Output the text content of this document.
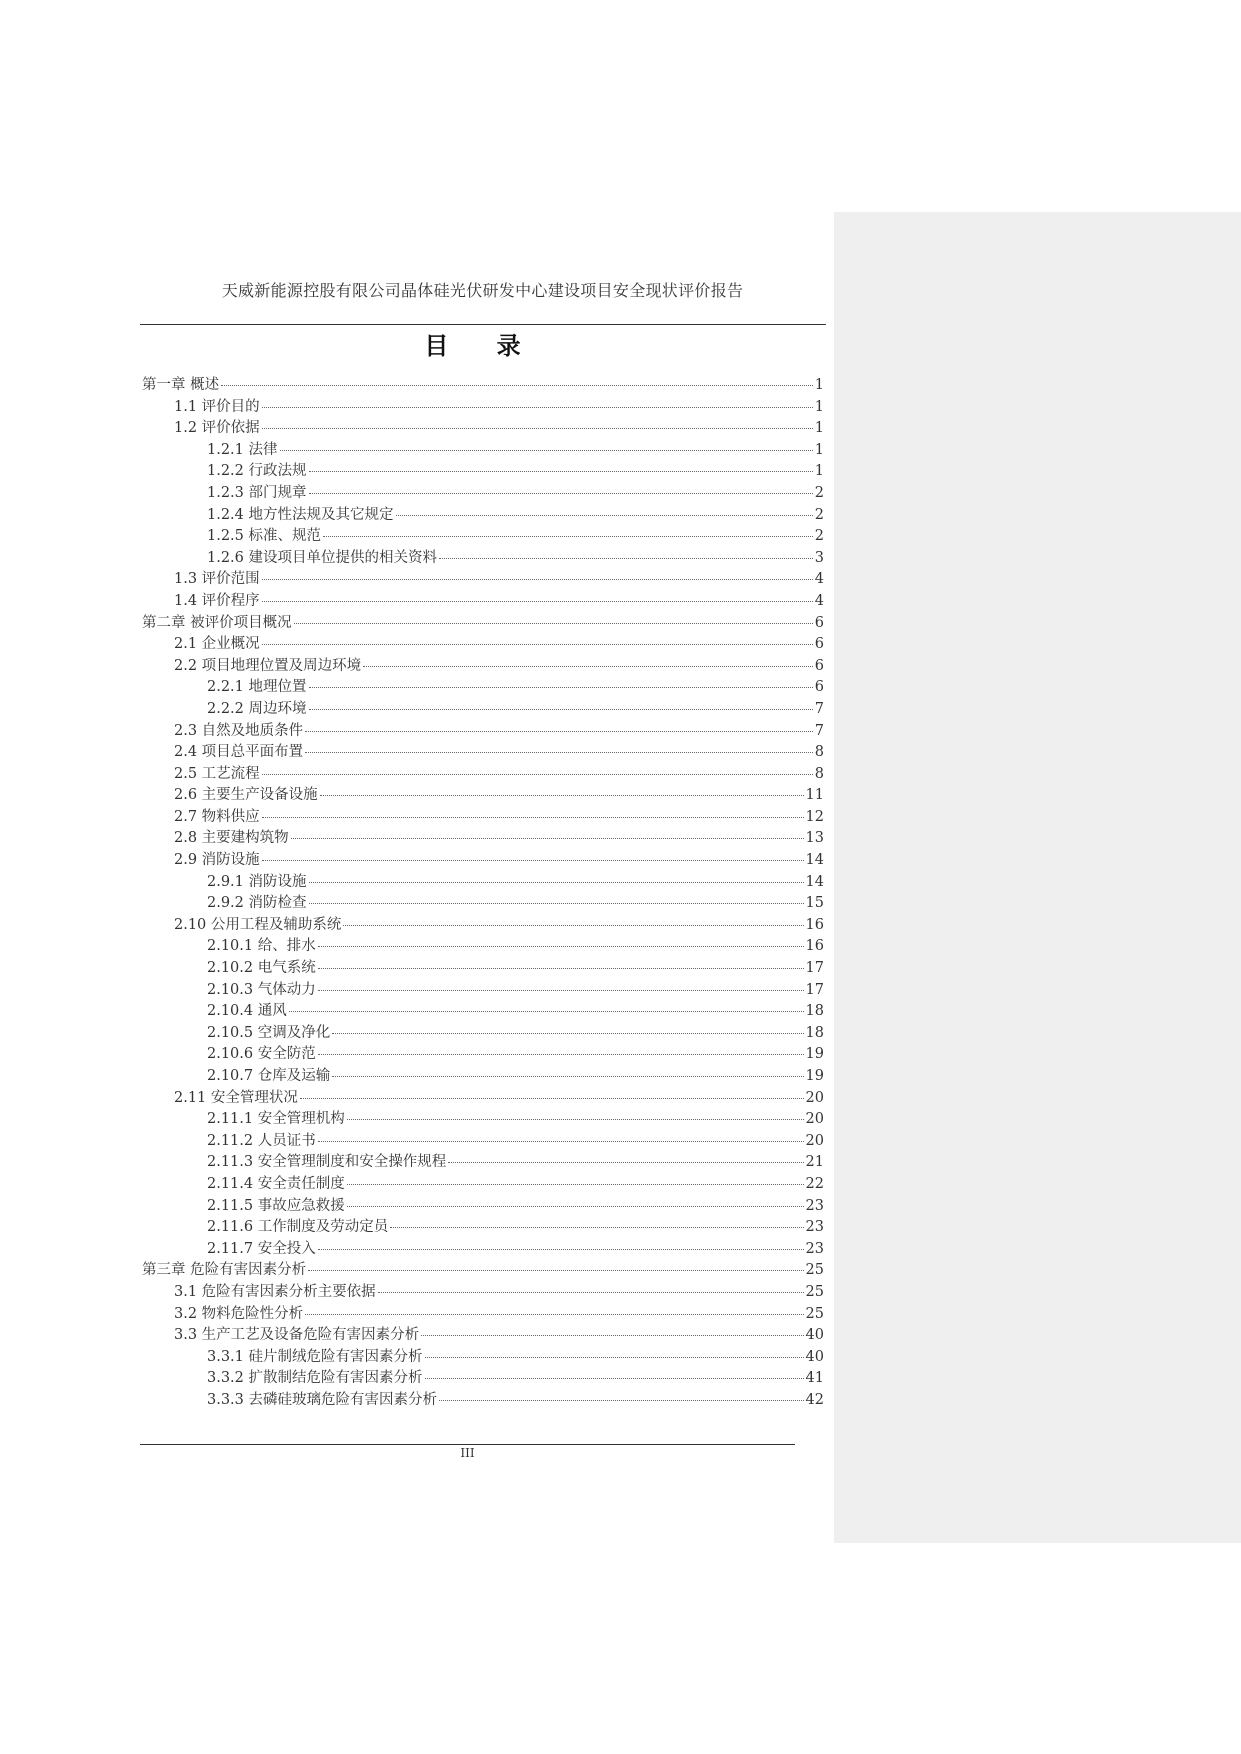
天威新能源控股有限公司晶体硅光伏研发中心建设项目安全现状评价报告
目 录
第一章 概述	1
1.1 评价目的	1
1.2 评价依据	1
1.2.1 法律	1
1.2.2 行政法规	1
1.2.3 部门规章	2
1.2.4 地方性法规及其它规定	2
1.2.5 标准、规范	2
1.2.6 建设项目单位提供的相关资料	3
1.3 评价范围	4
1.4 评价程序	4
第二章 被评价项目概况	6
2.1 企业概况	6
2.2 项目地理位置及周边环境	6
2.2.1 地理位置	6
2.2.2 周边环境	7
2.3 自然及地质条件	7
2.4 项目总平面布置	8
2.5 工艺流程	8
2.6 主要生产设备设施	11
2.7 物料供应	12
2.8 主要建构筑物	13
2.9 消防设施	14
2.9.1 消防设施	14
2.9.2 消防检查	15
2.10 公用工程及辅助系统	16
2.10.1 给、排水	16
2.10.2 电气系统	17
2.10.3 气体动力	17
2.10.4 通风	18
2.10.5 空调及净化	18
2.10.6 安全防范	19
2.10.7 仓库及运输	19
2.11 安全管理状况	20
2.11.1 安全管理机构	20
2.11.2 人员证书	20
2.11.3 安全管理制度和安全操作规程	21
2.11.4 安全责任制度	22
2.11.5 事故应急救援	23
2.11.6 工作制度及劳动定员	23
2.11.7 安全投入	23
第三章 危险有害因素分析	25
3.1 危险有害因素分析主要依据	25
3.2 物料危险性分析	25
3.3 生产工艺及设备危险有害因素分析	40
3.3.1 硅片制绒危险有害因素分析	40
3.3.2 扩散制结危险有害因素分析	41
3.3.3 去磷硅玻璃危险有害因素分析	42
III
